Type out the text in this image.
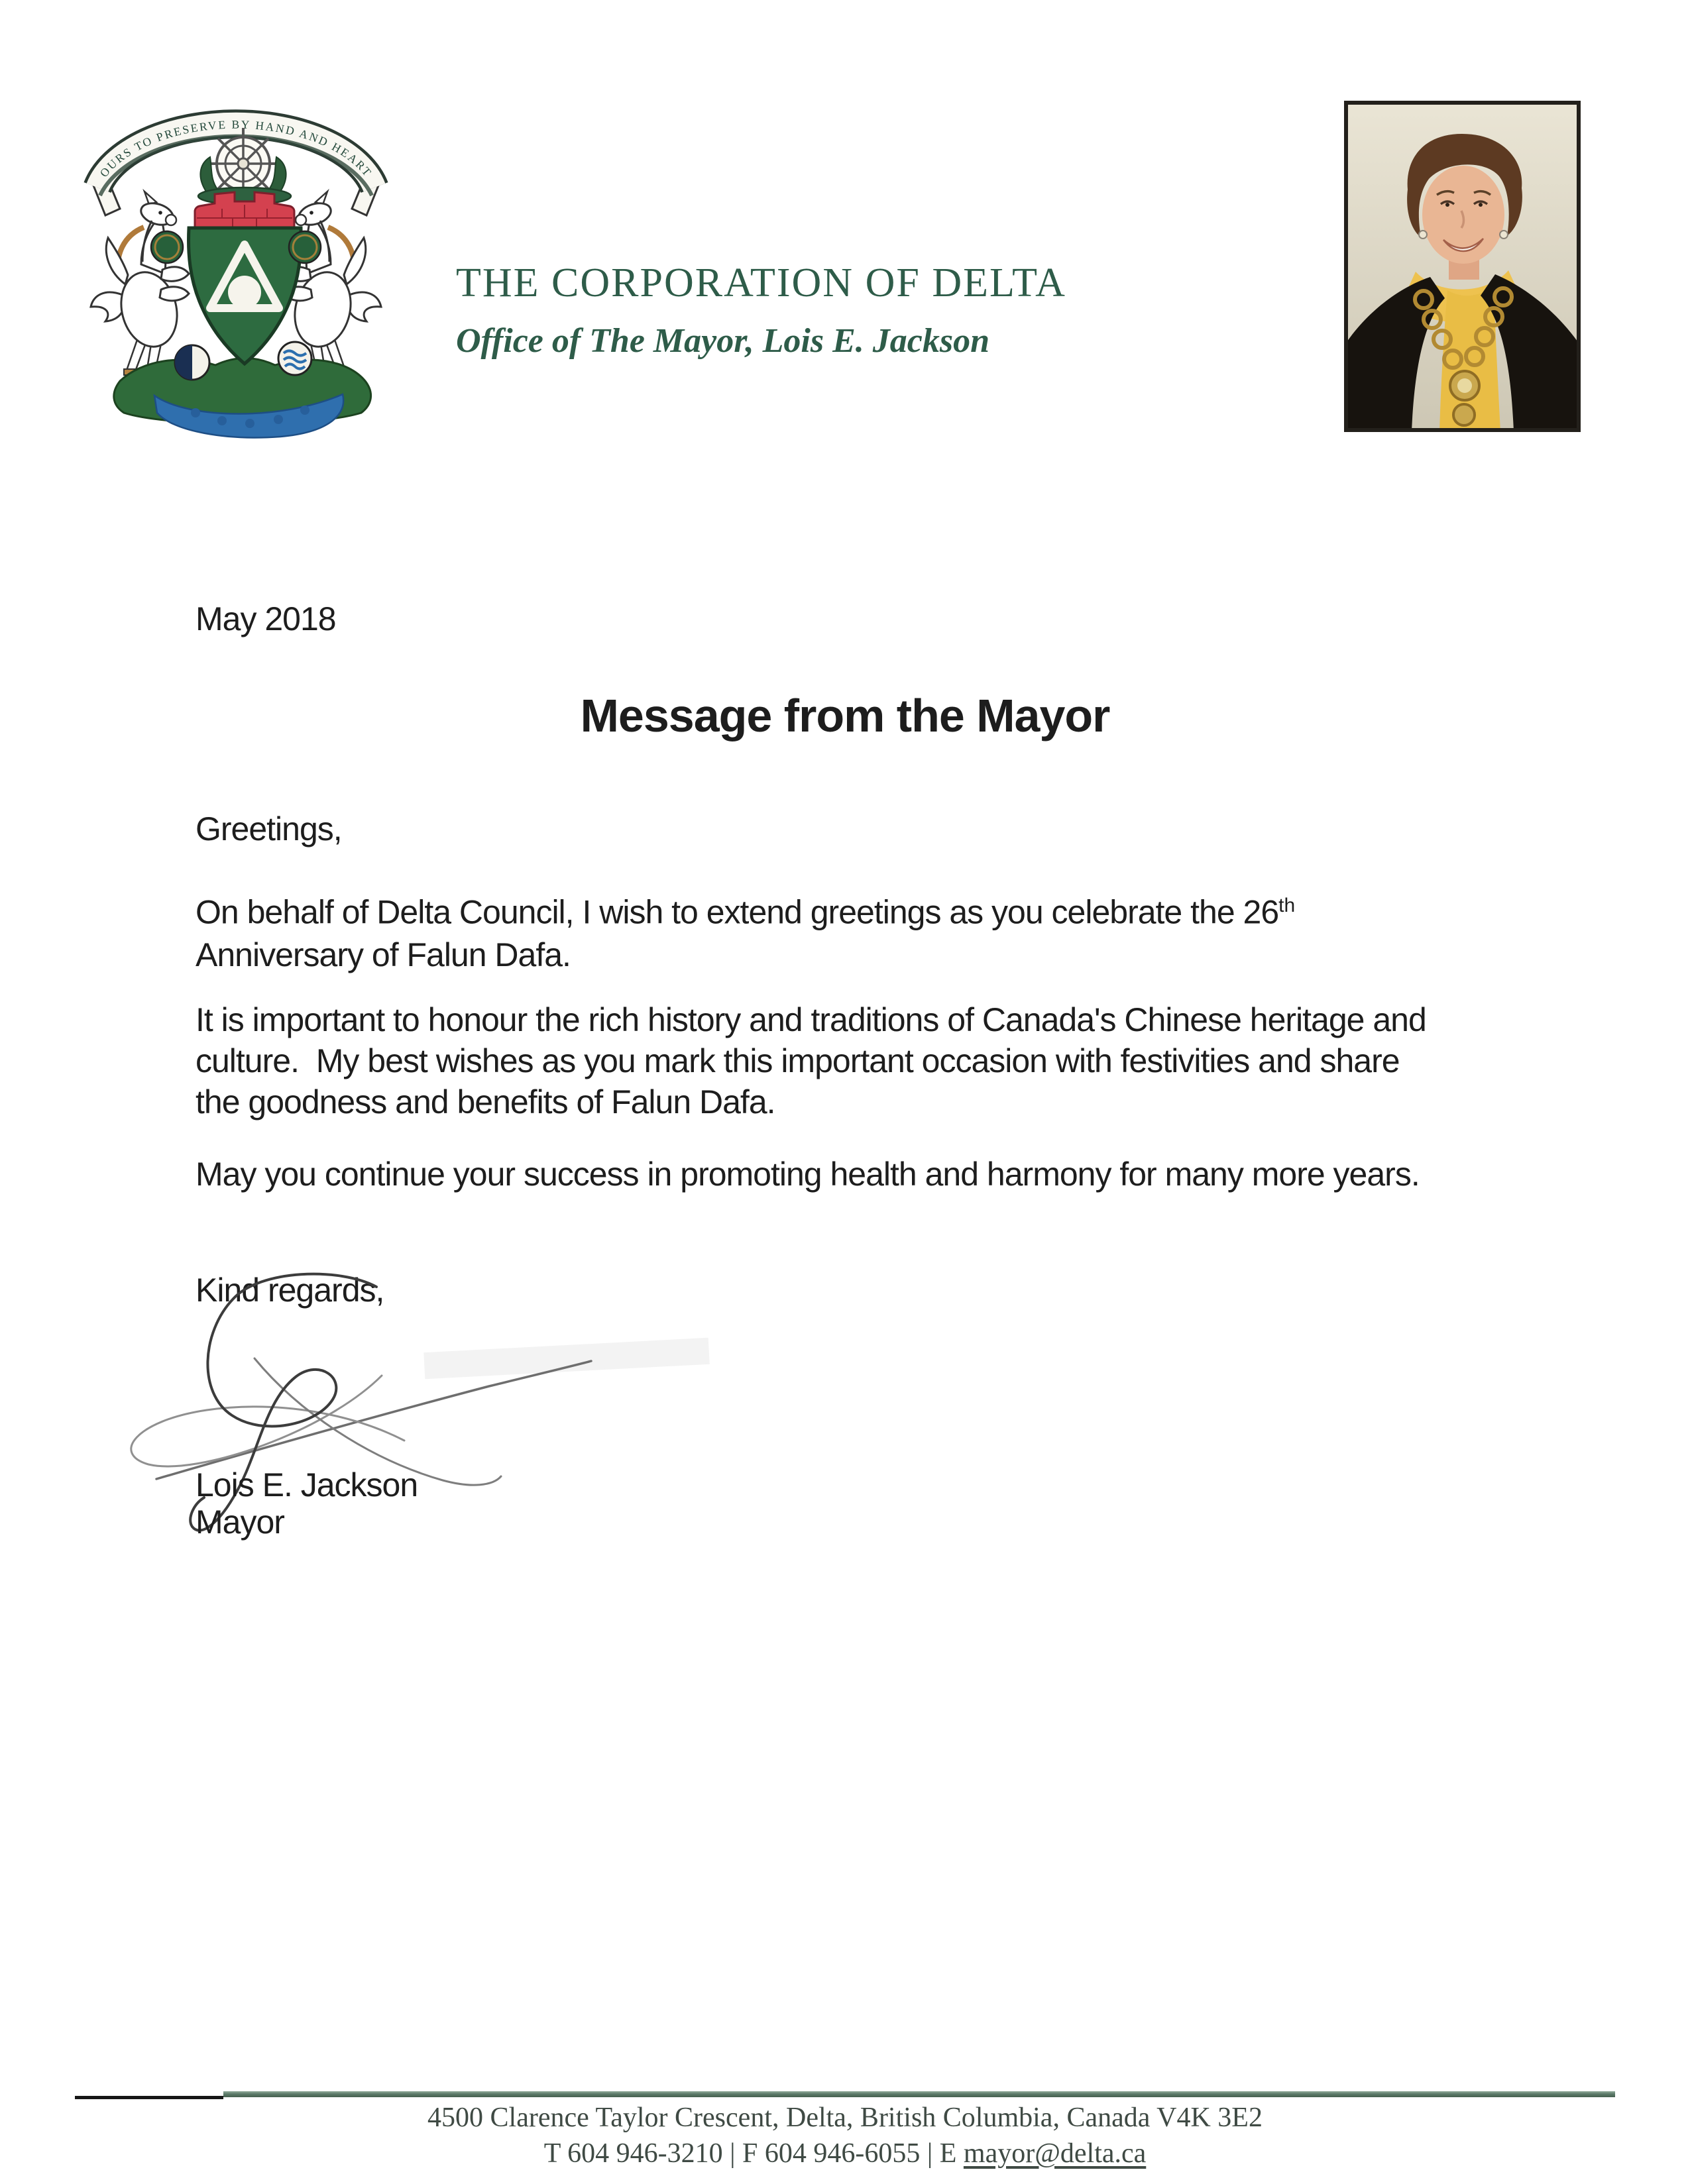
OURS TO PRESERVE BY HAND AND HEART
THE CORPORATION OF DELTA
Office of The Mayor, Lois E. Jackson
May 2018
Message from the Mayor
Greetings,
On behalf of Delta Council, I wish to extend greetings as you celebrate the 26th
Anniversary of Falun Dafa.
It is important to honour the rich history and traditions of Canada's Chinese heritage and
culture.  My best wishes as you mark this important occasion with festivities and share
the goodness and benefits of Falun Dafa.
May you continue your success in promoting health and harmony for many more years.
Kind regards,
Lois E. Jackson
Mayor
4500 Clarence Taylor Crescent, Delta, British Columbia, Canada V4K 3E2
T 604 946-3210 | F 604 946-6055 | E mayor@delta.ca
